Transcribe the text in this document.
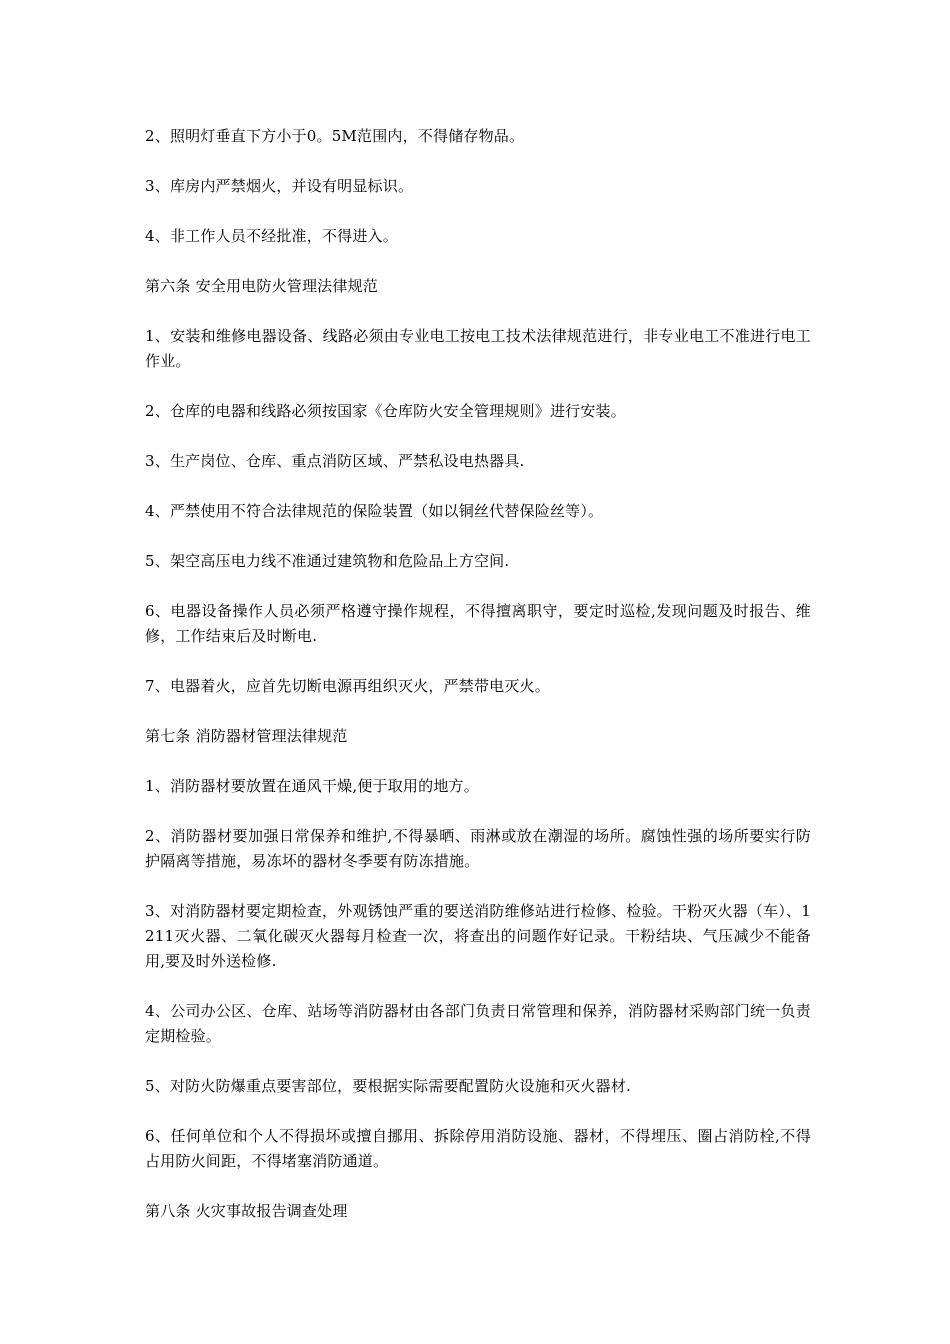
2、照明灯垂直下方小于0。5M范围内，不得储存物品。

3、库房内严禁烟火，并设有明显标识。

4、非工作人员不经批准，不得进入。

第六条 安全用电防火管理法律规范

1、安装和维修电器设备、线路必须由专业电工按电工技术法律规范进行，非专业电工不准进行电工作业。

2、仓库的电器和线路必须按国家《仓库防火安全管理规则》进行安装。

3、生产岗位、仓库、重点消防区域、严禁私设电热器具.

4、严禁使用不符合法律规范的保险装置（如以铜丝代替保险丝等）。

5、架空高压电力线不准通过建筑物和危险品上方空间.

6、电器设备操作人员必须严格遵守操作规程，不得擅离职守，要定时巡检,发现问题及时报告、维修，工作结束后及时断电.

7、电器着火，应首先切断电源再组织灭火，严禁带电灭火。

第七条 消防器材管理法律规范

1、消防器材要放置在通风干燥,便于取用的地方。

2、消防器材要加强日常保养和维护,不得暴晒、雨淋或放在潮湿的场所。腐蚀性强的场所要实行防护隔离等措施，易冻坏的器材冬季要有防冻措施。

3、对消防器材要定期检查，外观锈蚀严重的要送消防维修站进行检修、检验。干粉灭火器（车）、1211灭火器、二氧化碳灭火器每月检查一次，将查出的问题作好记录。干粉结块、气压减少不能备用,要及时外送检修.

4、公司办公区、仓库、站场等消防器材由各部门负责日常管理和保养，消防器材采购部门统一负责定期检验。

5、对防火防爆重点要害部位，要根据实际需要配置防火设施和灭火器材.

6、任何单位和个人不得损坏或擅自挪用、拆除停用消防设施、器材，不得埋压、圈占消防栓,不得占用防火间距，不得堵塞消防通道。

第八条 火灾事故报告调查处理
